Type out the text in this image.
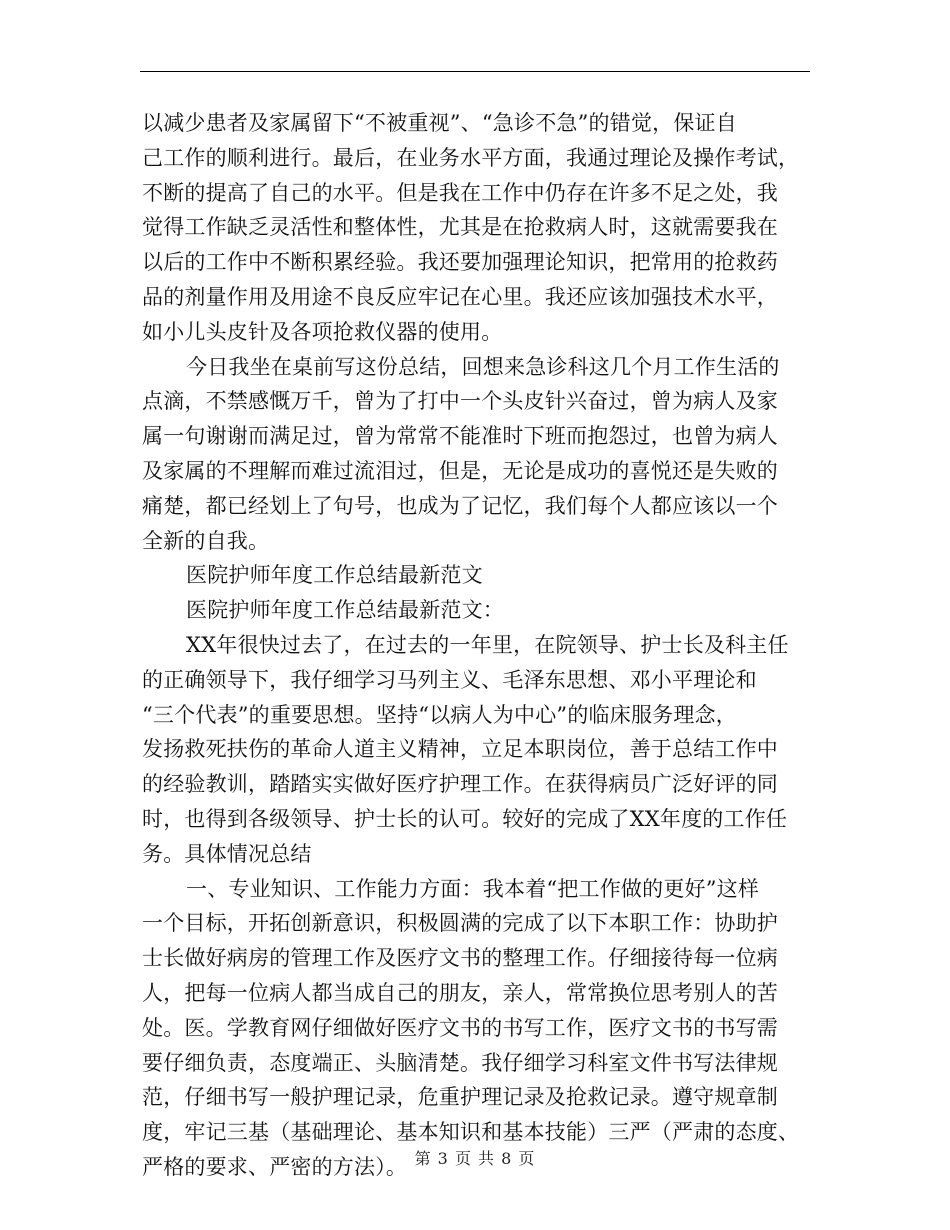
以减少患者及家属留下“不被重视”、“急诊不急”的错觉，保证自
己工作的顺利进行。最后，在业务水平方面，我通过理论及操作考试，
不断的提高了自己的水平。但是我在工作中仍存在许多不足之处，我
觉得工作缺乏灵活性和整体性，尤其是在抢救病人时，这就需要我在
以后的工作中不断积累经验。我还要加强理论知识，把常用的抢救药
品的剂量作用及用途不良反应牢记在心里。我还应该加强技术水平，
如小儿头皮针及各项抢救仪器的使用。
今日我坐在桌前写这份总结，回想来急诊科这几个月工作生活的
点滴，不禁感慨万千，曾为了打中一个头皮针兴奋过，曾为病人及家
属一句谢谢而满足过，曾为常常不能准时下班而抱怨过，也曾为病人
及家属的不理解而难过流泪过，但是，无论是成功的喜悦还是失败的
痛楚，都已经划上了句号，也成为了记忆，我们每个人都应该以一个
全新的自我。
医院护师年度工作总结最新范文
医院护师年度工作总结最新范文：
XX年很快过去了，在过去的一年里，在院领导、护士长及科主任
的正确领导下，我仔细学习马列主义、毛泽东思想、邓小平理论和
“三个代表”的重要思想。坚持“以病人为中心”的临床服务理念，
发扬救死扶伤的革命人道主义精神，立足本职岗位，善于总结工作中
的经验教训，踏踏实实做好医疗护理工作。在获得病员广泛好评的同
时，也得到各级领导、护士长的认可。较好的完成了XX年度的工作任
务。具体情况总结
一、专业知识、工作能力方面：我本着“把工作做的更好”这样
一个目标，开拓创新意识，积极圆满的完成了以下本职工作：协助护
士长做好病房的管理工作及医疗文书的整理工作。仔细接待每一位病
人，把每一位病人都当成自己的朋友，亲人，常常换位思考别人的苦
处。医。学教育网仔细做好医疗文书的书写工作，医疗文书的书写需
要仔细负责，态度端正、头脑清楚。我仔细学习科室文件书写法律规
范，仔细书写一般护理记录，危重护理记录及抢救记录。遵守规章制
度，牢记三基（基础理论、基本知识和基本技能）三严（严肃的态度、
严格的要求、严密的方法）。 第 3 页 共 8 页
